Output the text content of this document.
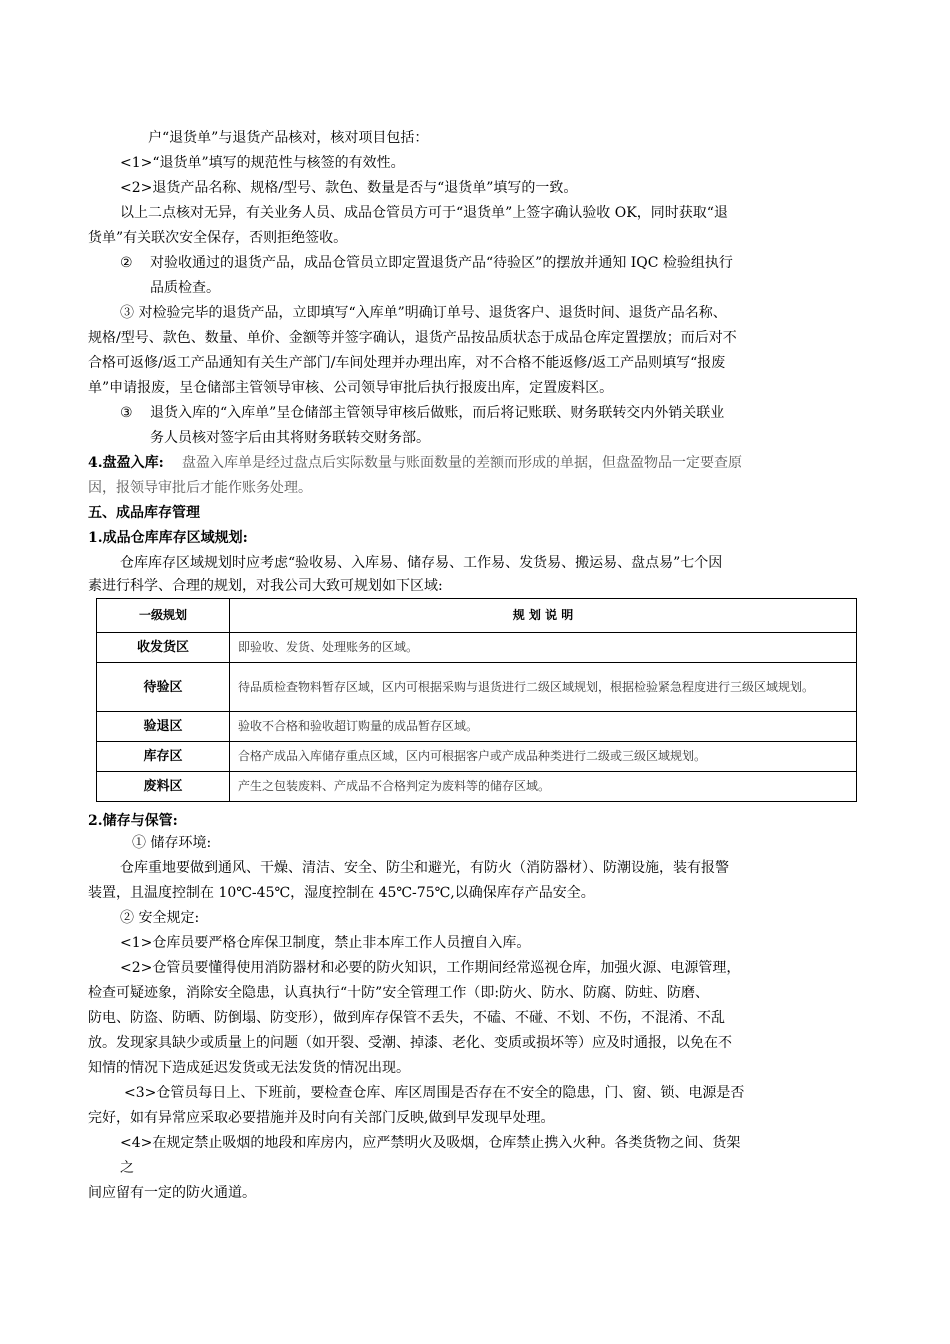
户“退货单”与退货产品核对，核对项目包括：
<1>“退货单”填写的规范性与核签的有效性。
<2>退货产品名称、规格/型号、款色、数量是否与“退货单”填写的一致。
以上二点核对无异，有关业务人员、成品仓管员方可于“退货单”上签字确认验收 OK，同时获取“退
货单”有关联次安全保存，否则拒绝签收。
② 对验收通过的退货产品，成品仓管员立即定置退货产品“待验区”的摆放并通知 IQC 检验组执行
品质检查。
③ 对检验完毕的退货产品，立即填写“入库单”明确订单号、退货客户、退货时间、退货产品名称、
规格/型号、款色、数量、单价、金额等并签字确认，退货产品按品质状态于成品仓库定置摆放；而后对不
合格可返修/返工产品通知有关生产部门/车间处理并办理出库，对不合格不能返修/返工产品则填写“报废
单”申请报废，呈仓储部主管领导审核、公司领导审批后执行报废出库，定置废料区。
③ 退货入库的“入库单”呈仓储部主管领导审核后做账，而后将记账联、财务联转交内外销关联业
务人员核对签字后由其将财务联转交财务部。
4.盘盈入库: 盘盈入库单是经过盘点后实际数量与账面数量的差额而形成的单据，但盘盈物品一定要查原
因，报领导审批后才能作账务处理。
五、成品库存管理
1.成品仓库库存区域规划:
仓库库存区域规划时应考虑“验收易、入库易、储存易、工作易、发货易、搬运易、盘点易”七个因
素进行科学、合理的规划，对我公司大致可规划如下区域:
一级规划	规 划 说 明
收发货区	即验收、发货、处理账务的区域。
待验区	待品质检查物料暂存区域，区内可根据采购与退货进行二级区域规划，根据检验紧急程度进行三级区域规划。
验退区	验收不合格和验收超订购量的成品暂存区域。
库存区	合格产成品入库储存重点区域，区内可根据客户或产成品种类进行二级或三级区域规划。
废料区	产生之包装废料、产成品不合格判定为废料等的储存区域。
2.储存与保管:
① 储存环境:
仓库重地要做到通风、干燥、清洁、安全、防尘和避光，有防火（消防器材）、防潮设施，装有报警
装置，且温度控制在 10℃-45℃，湿度控制在 45℃-75℃,以确保库存产品安全。
② 安全规定:
<1>仓库员要严格仓库保卫制度，禁止非本库工作人员擅自入库。
<2>仓管员要懂得使用消防器材和必要的防火知识，工作期间经常巡视仓库，加强火源、电源管理，
检查可疑迹象，消除安全隐患，认真执行“十防”安全管理工作（即:防火、防水、防腐、防蛀、防磨、
防电、防盗、防晒、防倒塌、防变形），做到库存保管不丢失，不磕、不碰、不划、不伤，不混淆、不乱
放。发现家具缺少或质量上的问题（如开裂、受潮、掉漆、老化、变质或损坏等）应及时通报，以免在不
知情的情况下造成延迟发货或无法发货的情况出现。
<3>仓管员每日上、下班前，要检查仓库、库区周围是否存在不安全的隐患，门、窗、锁、电源是否
完好，如有异常应采取必要措施并及时向有关部门反映,做到早发现早处理。
<4>在规定禁止吸烟的地段和库房内，应严禁明火及吸烟，仓库禁止携入火种。各类货物之间、货架
之
间应留有一定的防火通道。
